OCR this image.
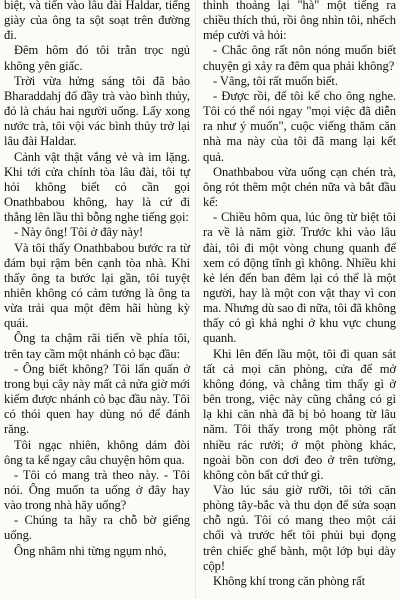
biệt, và tiến vào lâu đài Haldar, tiếng giày của ông ta sột soạt trên đường đi.

Đêm hôm đó tôi trằn trọc ngủ không yên giấc.

Trời vừa hửng sáng tôi đã bảo Bharaddahj đổ đầy trà vào bình thủy, đó là cháu hai người uống. Lấy xong nước trà, tôi vội vác bình thủy trở lại lâu đài Haldar.

Cảnh vật thật vắng vẻ và im lặng. Khi tới cửa chính tòa lâu đài, tôi tự hỏi không biết có cần gọi Onathbabou không, hay là cứ đi thẳng lên lầu thì bỗng nghe tiếng gọi:

- Này ông! Tôi ở đây này!

Và tôi thấy Onathbabou bước ra từ đám bụi rậm bên cạnh tòa nhà. Khi thấy ông ta bước lại gần, tôi tuyệt nhiên không có cảm tưởng là ông ta vừa trải qua một đêm hãi hùng kỳ quái.

Ông ta chậm rãi tiến về phía tôi, trên tay cầm một nhánh cỏ bạc đầu:

- Ông biết không? Tôi lẩn quẩn ở trong bụi cây này mất cả nửa giờ mới kiếm được nhánh cỏ bạc đầu này. Tôi có thói quen hay dùng nó để đánh răng.

Tôi ngạc nhiên, không dám đòi ông ta kể ngay câu chuyện hôm qua.

- Tôi có mang trà theo này. - Tôi nói. Ông muốn ta uống ở đây hay vào trong nhà hãy uống?

- Chúng ta hãy ra chỗ bờ giếng uống.

Ông nhâm nhi từng ngụm nhỏ,

thỉnh thoảng lại "hà" một tiếng ra chiều thích thú, rồi ông nhìn tôi, nhếch mép cười và hỏi:

- Chắc ông rất nôn nóng muốn biết chuyện gì xảy ra đêm qua phải không?

- Vâng, tôi rất muốn biết.

- Được rồi, để tôi kể cho ông nghe. Tôi có thể nói ngay "mọi việc đã diễn ra như ý muốn", cuộc viếng thăm căn nhà ma này của tôi đã mang lại kết quả.

Onathbabou vừa uống cạn chén trà, ông rót thêm một chén nữa và bắt đầu kể:

- Chiều hôm qua, lúc ông từ biệt tôi ra về là năm giờ. Trước khi vào lâu đài, tôi đi một vòng chung quanh để xem có động tĩnh gì không. Nhiều khi kẻ lén đến ban đêm lại có thể là một người, hay là một con vật thay vì con ma. Nhưng dù sao đi nữa, tôi đã không thấy có gì khả nghi ở khu vực chung quanh.

Khi lên đến lầu một, tôi đi quan sát tất cả mọi căn phòng, cửa để mở không đóng, và chẳng tìm thấy gì ở bên trong, việc này cũng chẳng có gì lạ khi căn nhà đã bị bỏ hoang từ lâu năm. Tôi thấy trong một phòng rất nhiều rác rưởi; ở một phòng khác, ngoài bồn con dơi đeo ở trên tường, không còn bất cứ thứ gì.

Vào lúc sáu giờ rưỡi, tôi tới căn phòng tây-bắc và thu dọn để sửa soạn chỗ ngủ. Tôi có mang theo một cái chổi và trước hết tôi phủi bụi đọng trên chiếc ghế bành, một lớp bụi dày cộp!

Không khí trong căn phòng rất
